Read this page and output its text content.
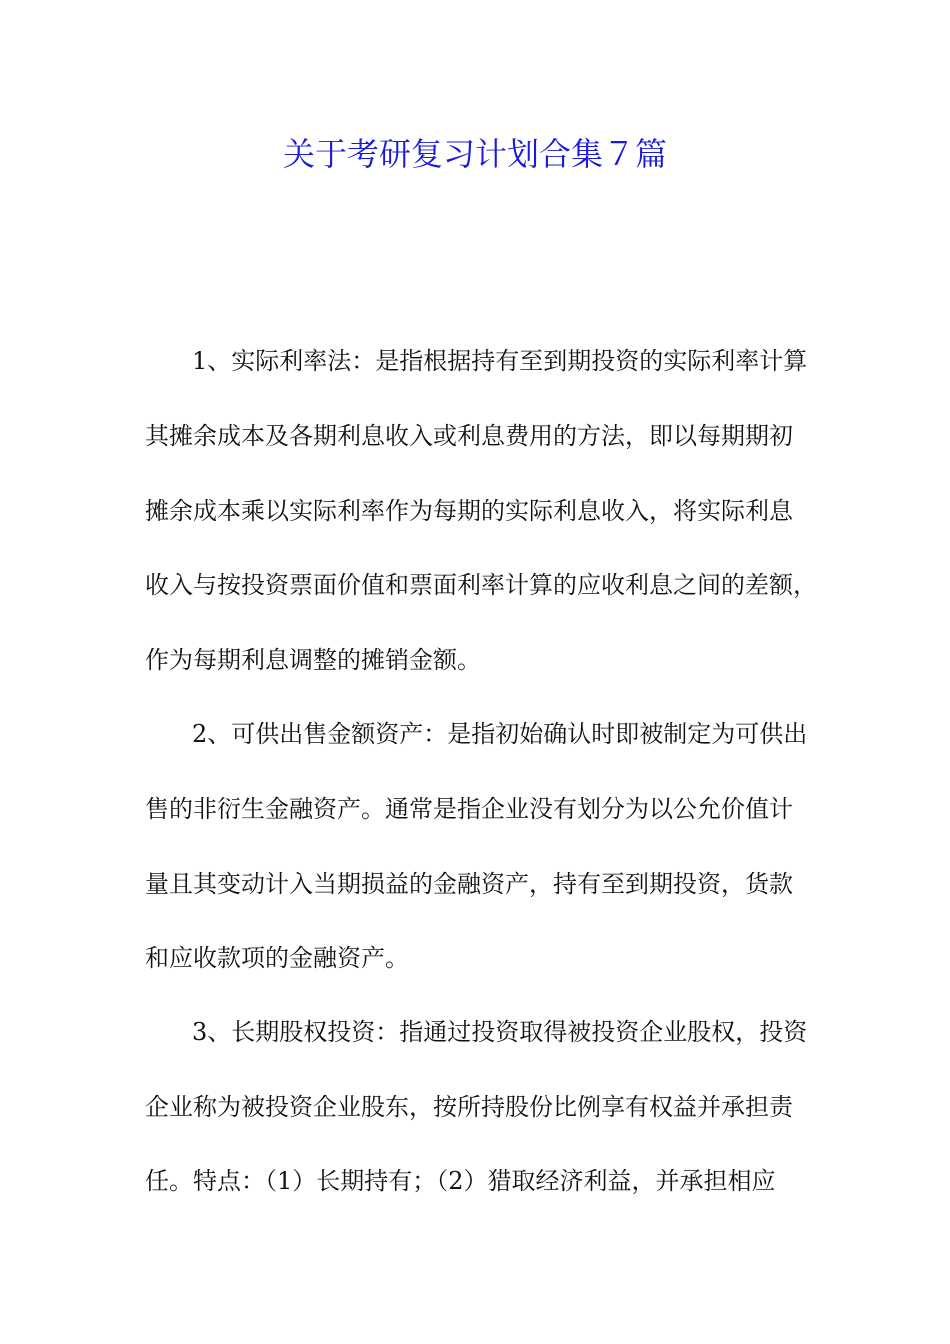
关于考研复习计划合集７篇
1、实际利率法：是指根据持有至到期投资的实际利率计算
其摊余成本及各期利息收入或利息费用的方法，即以每期期初
摊余成本乘以实际利率作为每期的实际利息收入，将实际利息
收入与按投资票面价值和票面利率计算的应收利息之间的差额，
作为每期利息调整的摊销金额。
2、可供出售金额资产：是指初始确认时即被制定为可供出
售的非衍生金融资产。通常是指企业没有划分为以公允价值计
量且其变动计入当期损益的金融资产，持有至到期投资，货款
和应收款项的金融资产。
3、长期股权投资：指通过投资取得被投资企业股权，投资
企业称为被投资企业股东，按所持股份比例享有权益并承担责
任。特点：（1）长期持有；（2）猎取经济利益，并承担相应
